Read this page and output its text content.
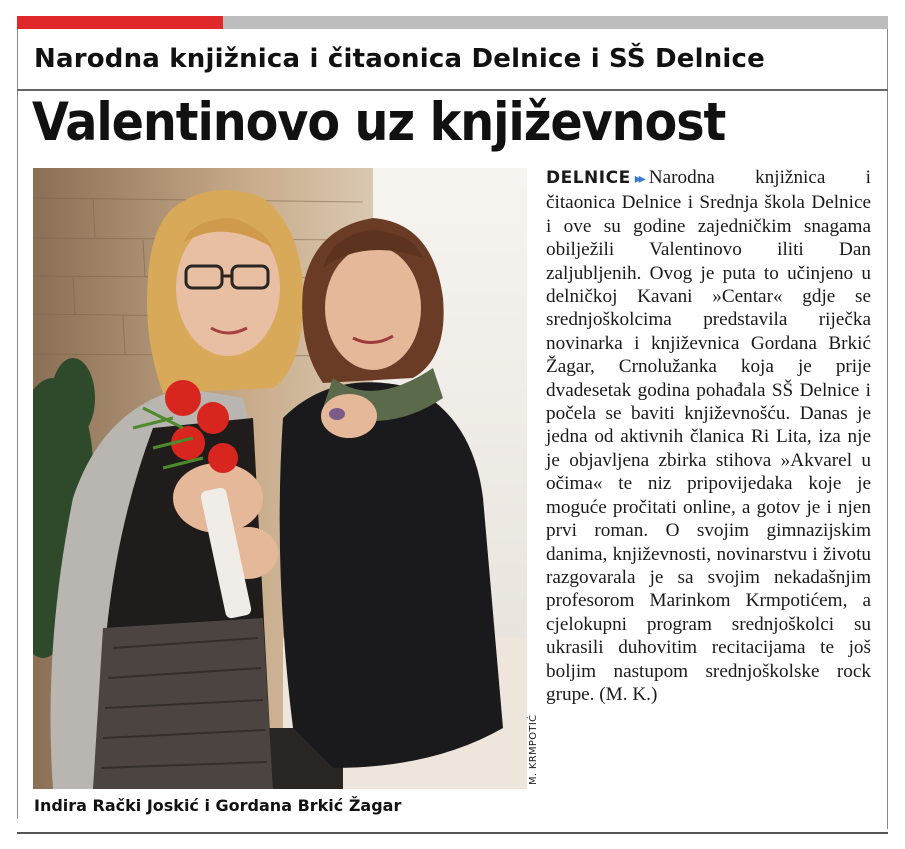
Narodna knjižnica i čitaonica Delnice i SŠ Delnice
Valentinovo uz književnost
M. KRMPOTIĆ
Indira Rački Joskić i Gordana Brkić Žagar
DELNICE ▸▸ Narodna knjižnica i čitaonica Delnice i Srednja škola Delnice i ove su godine zajedničkim snagama obilježili Valentinovo iliti Dan zaljubljenih. Ovog je puta to učinjeno u delničkoj Kavani »Centar« gdje se srednjoškolcima predstavila riječka novinarka i književnica Gordana Brkić Žagar, Crnolužanka koja je prije dvadesetak godina pohađala SŠ Delnice i počela se baviti književnošću. Danas je jedna od aktivnih članica Ri Lita, iza nje je objavljena zbirka stihova »Akvarel u očima« te niz pripovijedaka koje je moguće pročitati online, a gotov je i njen prvi roman. O svojim gimnazijskim danima, književnosti, novinarstvu i životu razgovarala je sa svojim nekadašnjim profesorom Marinkom Krmpotićem, a cjelokupni program srednjoškolci su ukrasili duhovitim recitacijama te još boljim nastupom srednjoškolske rock grupe. (M. K.)
